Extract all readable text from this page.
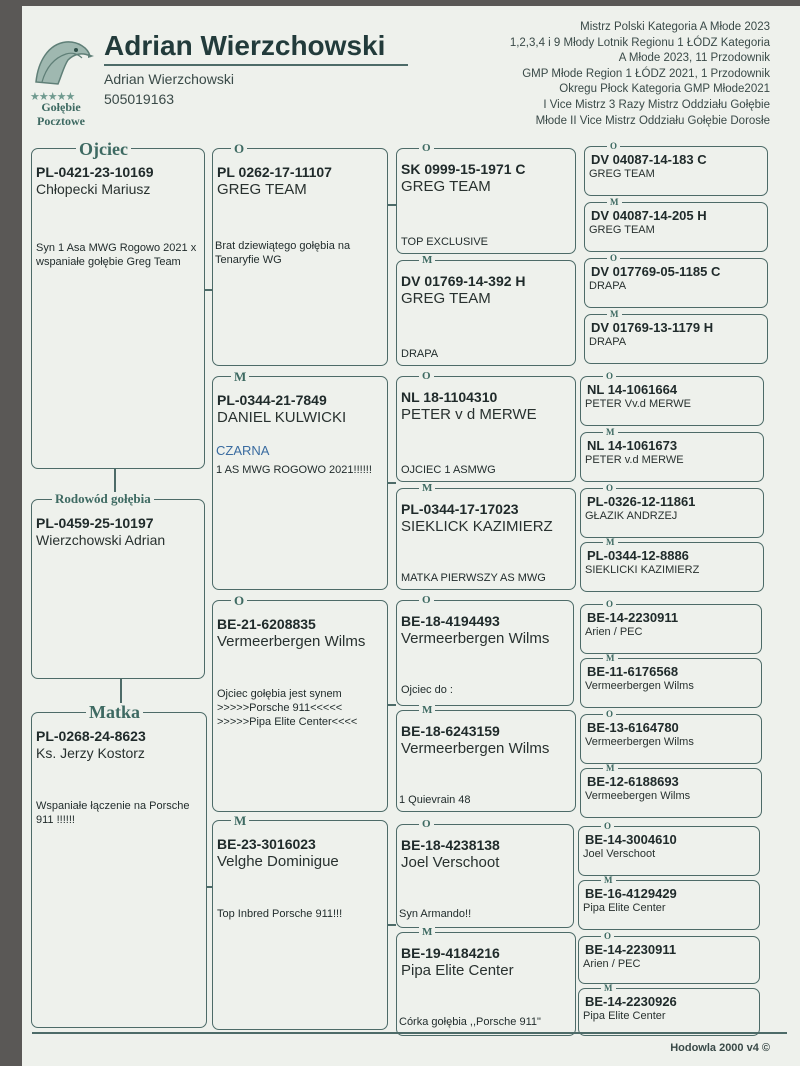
★★★★★
Gołębie
Pocztowe
Adrian Wierzchowski
Adrian Wierzchowski
505019163
Mistrz Polski Kategoria A Młode 2023
1,2,3,4 i 9 Młody Lotnik Regionu 1 ŁÓDZ Kategoria
A Młode 2023, 11 Przodownik
GMP Młode Region 1 ŁÓDZ 2021, 1 Przodownik
Okregu Płock Kategoria GMP Młode2021
I Vice Mistrz 3 Razy Mistrz Oddziału Gołębie
Młode II Vice Mistrz Oddziału Gołębie Dorosłe
Ojciec
PL-0421-23-10169
Chłopecki Mariusz
Syn 1 Asa MWG Rogowo 2021 x wspaniałe gołębie Greg Team
Rodowód gołębia
PL-0459-25-10197
Wierzchowski Adrian
Matka
PL-0268-24-8623
Ks. Jerzy Kostorz
Wspaniałe łączenie na Porsche 911 !!!!!!
O
PL 0262-17-11107
GREG TEAM
Brat dziewiątego gołębia na Tenaryfie WG
M
PL-0344-21-7849
DANIEL KULWICKI
CZARNA
1 AS MWG ROGOWO 2021!!!!!!
O
BE-21-6208835
Vermeerbergen Wilms
Ojciec gołębia jest synem
>>>>>Porsche 911<<<<<
>>>>>Pipa Elite Center<<<<
M
BE-23-3016023
Velghe Dominigue
Top Inbred Porsche 911!!!
O
SK 0999-15-1971 C
GREG TEAM
TOP EXCLUSIVE
M
DV 01769-14-392 H
GREG TEAM
DRAPA
O
NL 18-1104310
PETER v d MERWE
OJCIEC 1 ASMWG
M
PL-0344-17-17023
SIEKLICK KAZIMIERZ
MATKA PIERWSZY AS MWG
O
BE-18-4194493
Vermeerbergen Wilms
Ojciec do :
M
BE-18-6243159
Vermeerbergen Wilms
1 Quievrain 48
O
BE-18-4238138
Joel Verschoot
Syn Armando!!
M
BE-19-4184216
Pipa Elite Center
Córka gołębia ,,Porsche 911"
O
DV 04087-14-183 C
GREG TEAM
M
DV 04087-14-205 H
GREG TEAM
O
DV 017769-05-1185 C
DRAPA
M
DV 01769-13-1179 H
DRAPA
O
NL 14-1061664
PETER Vv.d MERWE
M
NL 14-1061673
PETER v.d MERWE
O
PL-0326-12-11861
GŁAZIK ANDRZEJ
M
PL-0344-12-8886
SIEKLICKI KAZIMIERZ
O
BE-14-2230911
Arien / PEC
M
BE-11-6176568
Vermeerbergen Wilms
O
BE-13-6164780
Vermeerbergen Wilms
M
BE-12-6188693
Vermeebergen Wilms
O
BE-14-3004610
Joel Verschoot
M
BE-16-4129429
Pipa Elite Center
O
BE-14-2230911
Arien / PEC
M
BE-14-2230926
Pipa Elite Center
Hodowla 2000 v4 ©
